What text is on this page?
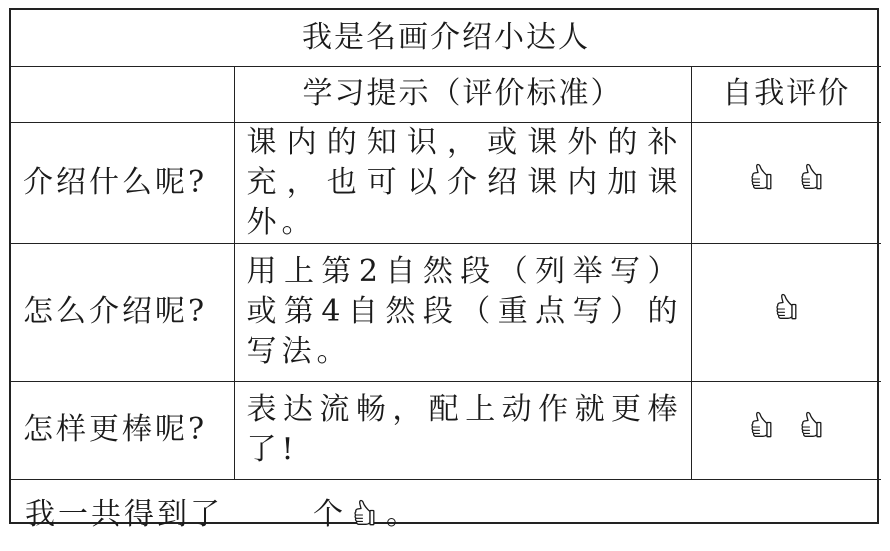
我是名画介绍小达人		
	学习提示（评价标准）	自我评价
介绍什么呢?	课内的知识，或课外的补充，也可以介绍课内加课外。	

怎么介绍呢?	用上第2自然段（列举写）或第4自然段（重点写）的写法。	

怎样更棒呢?	表达流畅，配上动作就更棒了!	

我一共得到了 个 。		
